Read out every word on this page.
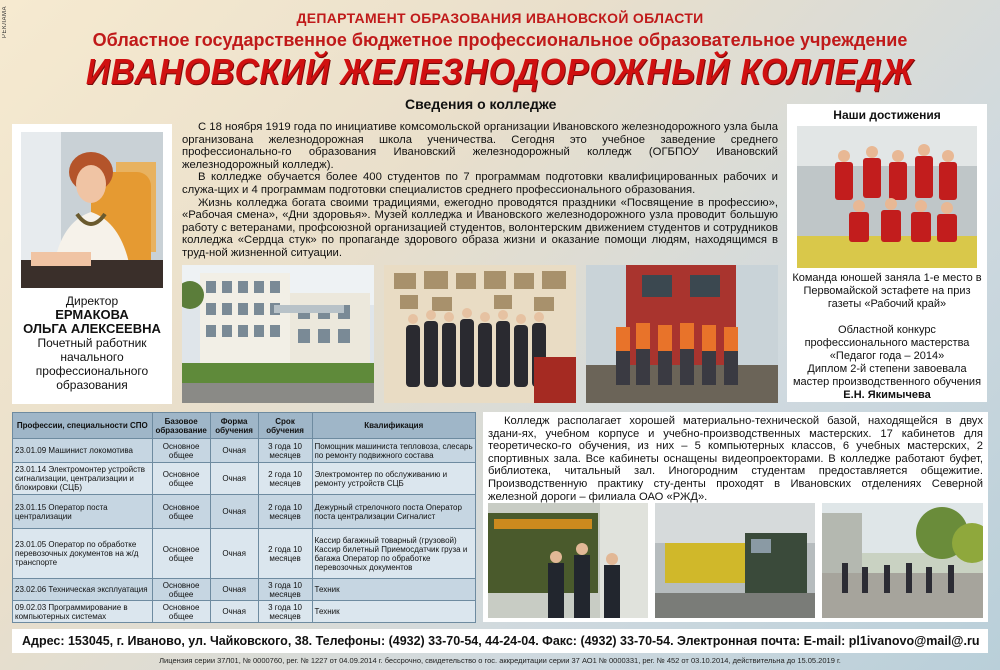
РЕКЛАМА	ДЕПАРТАМЕНТ ОБРАЗОВАНИЯ ИВАНОВСКОЙ ОБЛАСТИ
Областное государственное бюджетное профессиональное образовательное учреждение
ИВАНОВСКИЙ ЖЕЛЕЗНОДОРОЖНЫЙ КОЛЛЕДЖ
Сведения о колледже
Директор
ЕРМАКОВА
ОЛЬГА АЛЕКСЕЕВНА
Почетный работник начального профессионального образования

С 18 ноября 1919 года по инициативе комсомольской организации Ивановского железнодорожного узла была организована железнодорожная школа ученичества. Сегодня это учебное заведение среднего профессионально-го образования Ивановский железнодорожный колледж (ОГБПОУ Ивановский железнодорожный колледж).

В колледже обучается более 400 студентов по 7 программам подготовки квалифицированных рабочих и служа-щих и 4 программам подготовки специалистов среднего профессионального образования.

Жизнь колледжа богата своими традициями, ежегодно проводятся праздники «Посвящение в профессию», «Рабочая смена», «Дни здоровья». Музей колледжа и Ивановского железнодорожного узла проводит большую работу с ветеранами, профсоюзной организацией студентов, волонтерским движением студентов и сотрудников колледжа «Сердца стук» по пропаганде здорового образа жизни и оказание помощи людям, находящимся в труд-ной жизненной ситуации.

Наши достижения
Команда юношей заняла 1-е место в Первомайской эстафете на приз газеты «Рабочий край»
Областной конкурс профессионального мастерства «Педагог года – 2014»
Диплом 2-й степени завоевала мастер производственного обучения
Е.Н. Якимычева
Профессии, специальности СПО	Базовое образование	Форма обучения	Срок обучения	Квалификация
23.01.09 Машинист локомотива	Основное общее	Очная	3 года 10 месяцев	Помощник машиниста тепловоза, слесарь по ремонту подвижного состава
23.01.14 Электромонтер устройств сигнализации, централизации и блокировки (СЦБ)	Основное общее	Очная	2 года 10 месяцев	Электромонтер по обслуживанию и ремонту устройств СЦБ
23.01.15 Оператор поста централизации	Основное общее	Очная	2 года 10 месяцев	Дежурный стрелочного поста Оператор поста централизации Сигналист
23.01.05 Оператор по обработке перевозочных документов на ж/д транспорте	Основное общее	Очная	2 года 10 месяцев	Кассир багажный товарный (грузовой) Кассир билетный Приемосдатчик груза и багажа Оператор по обработке перевозочных документов
23.02.06 Техническая эксплуатация	Основное общее	Очная	3 года 10 месяцев	Техник
09.02.03 Программирование в компьютерных системах	Основное общее	Очная	3 года 10 месяцев	Техник
Колледж располагает хорошей материально-технической базой, находящейся в двух здани-ях, учебном корпусе и учебно-производственных мастерских. 17 кабинетов для теоретическо-го обучения, из них – 5 компьютерных классов, 6 учебных мастерских, 2 спортивных зала. Все кабинеты оснащены видеопроекторами. В колледже работают буфет, библиотека, читальный зал. Иногородним студентам предоставляется общежитие. Производственную практику сту-денты проходят в Ивановских отделениях Северной железной дороги – филиала ОАО «РЖД».
Адрес: 153045, г. Иваново, ул. Чайковского, 38. Телефоны: (4932) 33-70-54, 44-24-04. Факс: (4932) 33-70-54. Электронная почта: E-mail: pl1ivanovo@mail@.ru
Лицензия серии 37Л01, № 0000760, рег. № 1227 от 04.09.2014 г. бессрочно, свидетельство о гос. аккредитации серии 37 АО1 № 0000331, рег. № 452 от 03.10.2014, действительна до 15.05.2019 г.
